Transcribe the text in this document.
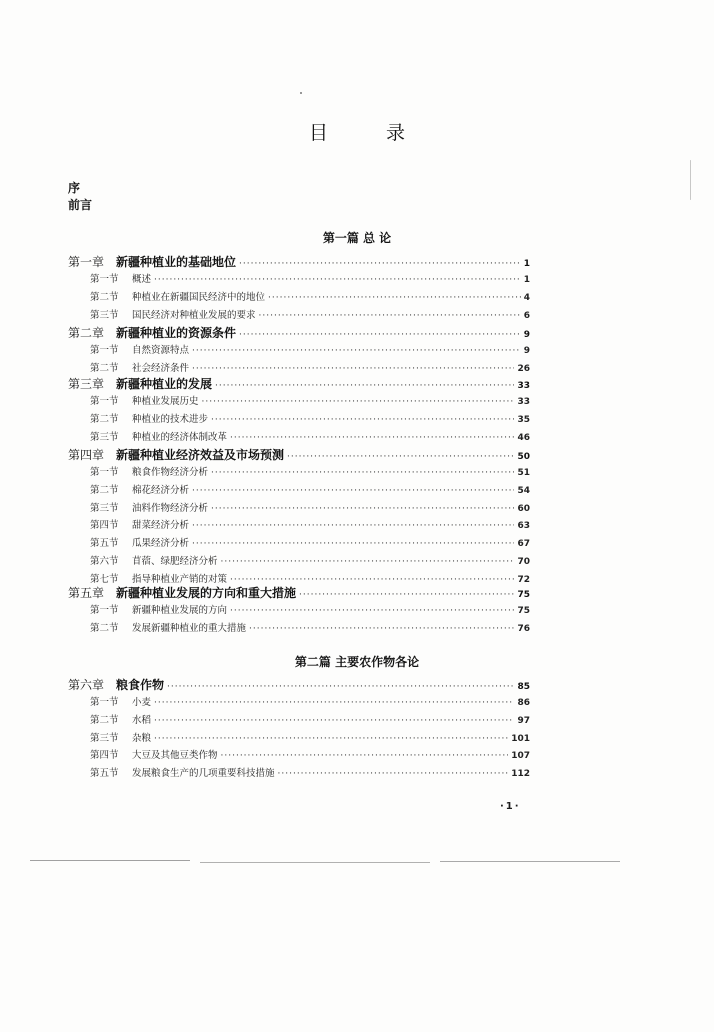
目 录
序
前言
第一篇 总 论
第一章 新疆种植业的基础地位 ·····	1
第一节	概述 ·····	1
第二节	种植业在新疆国民经济中的地位 ·····	4
第三节	国民经济对种植业发展的要求 ·····	6
第二章 新疆种植业的资源条件 ·····	9
第一节	自然资源特点 ·····	9
第二节	社会经济条件 ·····	26
第三章 新疆种植业的发展 ·····	33
第一节	种植业发展历史 ·····	33
第二节	种植业的技术进步 ·····	35
第三节	种植业的经济体制改革 ·····	46
第四章 新疆种植业经济效益及市场预测 ·····	50
第一节	粮食作物经济分析 ·····	51
第二节	棉花经济分析 ·····	54
第三节	油料作物经济分析 ·····	60
第四节	甜菜经济分析 ·····	63
第五节	瓜果经济分析 ·····	67
第六节	苜蓿、绿肥经济分析 ·····	70
第七节	指导种植业产销的对策 ·····	72
第五章 新疆种植业发展的方向和重大措施 ·····	75
第一节	新疆种植业发展的方向 ·····	75
第二节	发展新疆种植业的重大措施 ·····	76
第二篇 主要农作物各论
第六章 粮食作物 ·····	85
第一节	小麦 ·····	86
第二节	水稻 ·····	97
第三节	杂粮 ·····	101
第四节	大豆及其他豆类作物 ·····	107
第五节	发展粮食生产的几项重要科技措施 ·····	112
·1·
